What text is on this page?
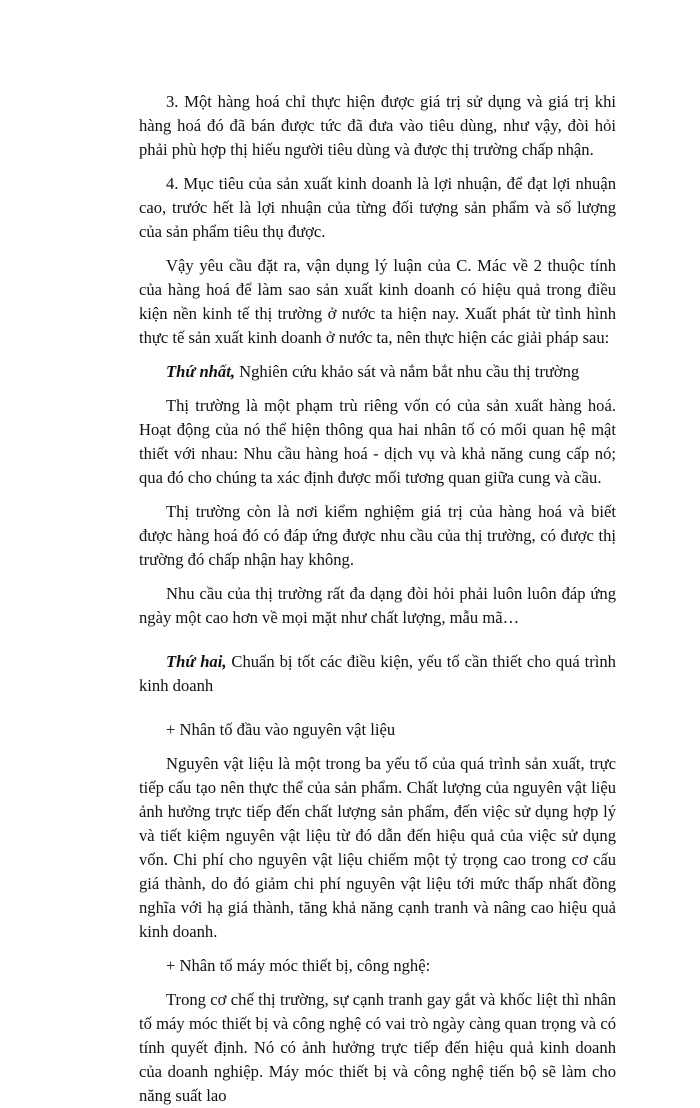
3. Một hàng hoá chỉ thực hiện được giá trị sử dụng và giá trị khi hàng hoá đó đã bán được tức đã đưa vào tiêu dùng, như vậy, đòi hỏi phải phù hợp thị hiếu người tiêu dùng và được thị trường chấp nhận.

4. Mục tiêu của sản xuất kinh doanh là lợi nhuận, để đạt lợi nhuận cao, trước hết là lợi nhuận của từng đối tượng sản phẩm và số lượng của sản phẩm tiêu thụ được.

Vậy yêu cầu đặt ra, vận dụng lý luận của C. Mác về 2 thuộc tính của hàng hoá để làm sao sản xuất kinh doanh có hiệu quả trong điều kiện nền kinh tế thị trường ở nước ta hiện nay. Xuất phát từ tình hình thực tế sản xuất kinh doanh ở nước ta, nên thực hiện các giải pháp sau:

Thứ nhất, Nghiên cứu khảo sát và nắm bắt nhu cầu thị trường

Thị trường là một phạm trù riêng vốn có của sản xuất hàng hoá. Hoạt động của nó thể hiện thông qua hai nhân tố có mối quan hệ mật thiết với nhau: Nhu cầu hàng hoá - dịch vụ và khả năng cung cấp nó; qua đó cho chúng ta xác định được mối tương quan giữa cung và cầu.

Thị trường còn là nơi kiểm nghiệm giá trị của hàng hoá và biết được hàng hoá đó có đáp ứng được nhu cầu của thị trường, có được thị trường đó chấp nhận hay không.

Nhu cầu của thị trường rất đa dạng đòi hỏi phải luôn luôn đáp ứng ngày một cao hơn về mọi mặt như chất lượng, mẫu mã…

Thứ hai, Chuẩn bị tốt các điều kiện, yếu tố cần thiết cho quá trình kinh doanh

+ Nhân tố đầu vào nguyên vật liệu

Nguyên vật liệu là một trong ba yếu tố của quá trình sản xuất, trực tiếp cấu tạo nên thực thể của sản phẩm. Chất lượng của nguyên vật liệu ảnh hưởng trực tiếp đến chất lượng sản phẩm, đến việc sử dụng hợp lý và tiết kiệm nguyên vật liệu từ đó dẫn đến hiệu quả của việc sử dụng vốn. Chi phí cho nguyên vật liệu chiếm một tỷ trọng cao trong cơ cấu giá thành, do đó giảm chi phí nguyên vật liệu tới mức thấp nhất đồng nghĩa với hạ giá thành, tăng khả năng cạnh tranh và nâng cao hiệu quả kinh doanh.

+ Nhân tố máy móc thiết bị, công nghệ:

Trong cơ chế thị trường, sự cạnh tranh gay gắt và khốc liệt thì nhân tố máy móc thiết bị và công nghệ có vai trò ngày càng quan trọng và có tính quyết định. Nó có ảnh hưởng trực tiếp đến hiệu quả kinh doanh của doanh nghiệp. Máy móc thiết bị và công nghệ tiến bộ sẽ làm cho năng suất lao
